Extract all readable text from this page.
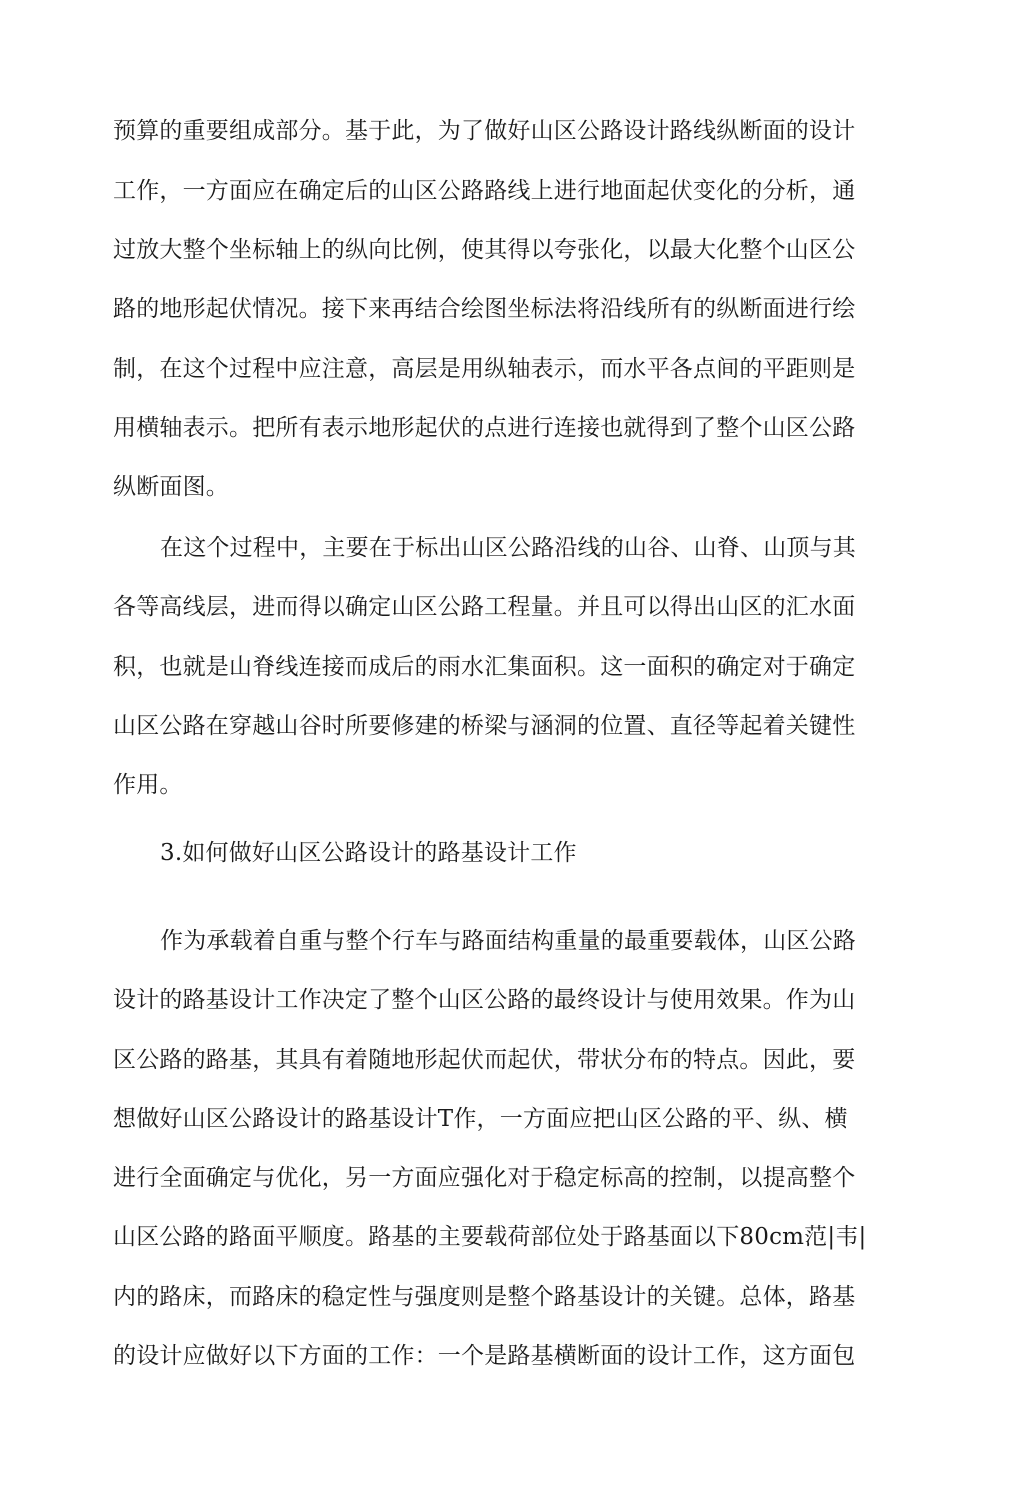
预算的重要组成部分。基于此，为了做好山区公路设计路线纵断面的设计
工作，一方面应在确定后的山区公路路线上进行地面起伏变化的分析，通
过放大整个坐标轴上的纵向比例，使其得以夸张化，以最大化整个山区公
路的地形起伏情况。接下来再结合绘图坐标法将沿线所有的纵断面进行绘
制，在这个过程中应注意，高层是用纵轴表示，而水平各点间的平距则是
用横轴表示。把所有表示地形起伏的点进行连接也就得到了整个山区公路
纵断面图。
在这个过程中，主要在于标出山区公路沿线的山谷、山脊、山顶与其
各等高线层，进而得以确定山区公路工程量。并且可以得出山区的汇水面
积，也就是山脊线连接而成后的雨水汇集面积。这一面积的确定对于确定
山区公路在穿越山谷时所要修建的桥梁与涵洞的位置、直径等起着关键性
作用。
3.如何做好山区公路设计的路基设计工作
作为承载着自重与整个行车与路面结构重量的最重要载体，山区公路
设计的路基设计工作决定了整个山区公路的最终设计与使用效果。作为山
区公路的路基，其具有着随地形起伏而起伏，带状分布的特点。因此，要
想做好山区公路设计的路基设计T作，一方面应把山区公路的平、纵、横
进行全面确定与优化，另一方面应强化对于稳定标高的控制，以提高整个
山区公路的路面平顺度。路基的主要载荷部位处于路基面以下80cm范|韦|
内的路床，而路床的稳定性与强度则是整个路基设计的关键。总体，路基
的设计应做好以下方面的工作：一个是路基横断面的设计工作，这方面包
